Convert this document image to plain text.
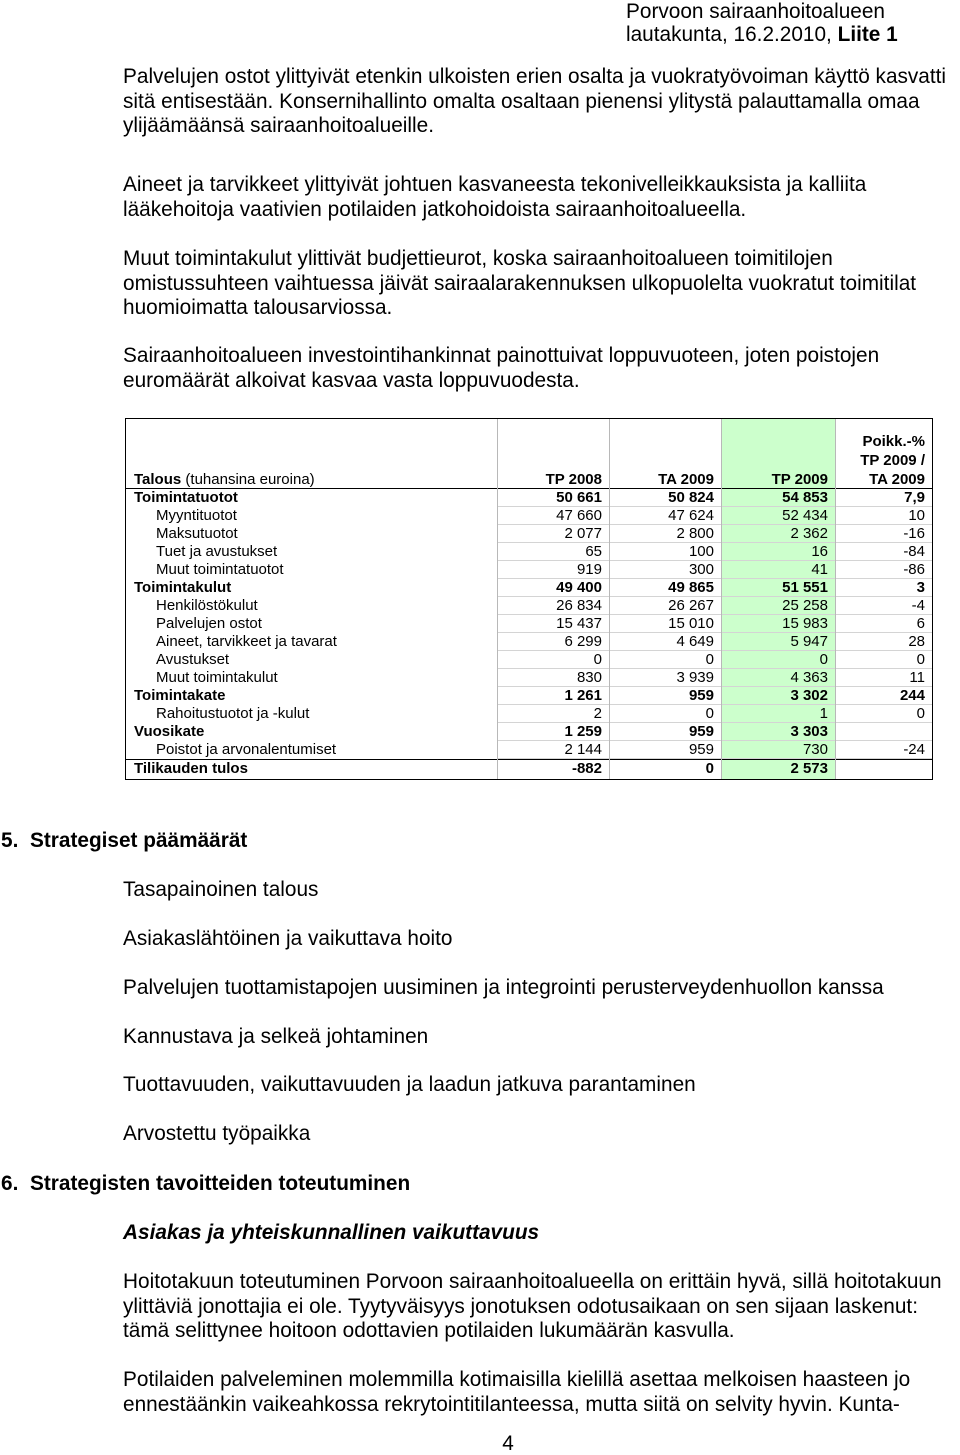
Porvoon sairaanhoitoalueen
lautakunta, 16.2.2010, Liite 1
Palvelujen ostot ylittyivät etenkin ulkoisten erien osalta ja vuokratyövoiman käyttö kasvatti
sitä entisestään. Konsernihallinto omalta osaltaan pienensi ylitystä palauttamalla omaa
ylijäämäänsä sairaanhoitoalueille.
Aineet ja tarvikkeet ylittyivät johtuen kasvaneesta tekonivelleikkauksista ja kalliita
lääkehoitoja vaativien potilaiden jatkohoidoista sairaanhoitoalueella.
Muut toimintakulut ylittivät budjettieurot, koska sairaanhoitoalueen toimitilojen
omistussuhteen vaihtuessa jäivät sairaalarakennuksen ulkopuolelta vuokratut toimitilat
huomioimatta talousarviossa.
Sairaanhoitoalueen investointihankinnat painottuivat loppuvuoteen, joten poistojen
euromäärät alkoivat kasvaa vasta loppuvuodesta.
Talous (tuhansina euroina)	TP 2008	TA 2009	TP 2009	Poikk.-%
TP 2009 /
TA 2009

Toimintatuotot	50 661	50 824	54 853	7,9
Myyntituotot	47 660	47 624	52 434	10
Maksutuotot	2 077	2 800	2 362	-16
Tuet ja avustukset	65	100	16	-84
Muut toimintatuotot	919	300	41	-86
Toimintakulut	49 400	49 865	51 551	3
Henkilöstökulut	26 834	26 267	25 258	-4
Palvelujen ostot	15 437	15 010	15 983	6
Aineet, tarvikkeet ja tavarat	6 299	4 649	5 947	28
Avustukset	0	0	0	0
Muut toimintakulut	830	3 939	4 363	11
Toimintakate	1 261	959	3 302	244
Rahoitustuotot ja -kulut	2	0	1	0
Vuosikate	1 259	959	3 303	
Poistot ja arvonalentumiset	2 144	959	730	-24
Tilikauden tulos	-882	0	2 573	
5. Strategiset päämäärät
Tasapainoinen talous
Asiakaslähtöinen ja vaikuttava hoito
Palvelujen tuottamistapojen uusiminen ja integrointi perusterveydenhuollon kanssa
Kannustava ja selkeä johtaminen
Tuottavuuden, vaikuttavuuden ja laadun jatkuva parantaminen
Arvostettu työpaikka
6. Strategisten tavoitteiden toteutuminen
Asiakas ja yhteiskunnallinen vaikuttavuus
Hoitotakuun toteutuminen Porvoon sairaanhoitoalueella on erittäin hyvä, sillä hoitotakuun
ylittäviä jonottajia ei ole. Tyytyväisyys jonotuksen odotusaikaan on sen sijaan laskenut:
tämä selittynee hoitoon odottavien potilaiden lukumäärän kasvulla.
Potilaiden palveleminen molemmilla kotimaisilla kielillä asettaa melkoisen haasteen jo
ennestäänkin vaikeahkossa rekrytointitilanteessa, mutta siitä on selvity hyvin. Kunta-
4
